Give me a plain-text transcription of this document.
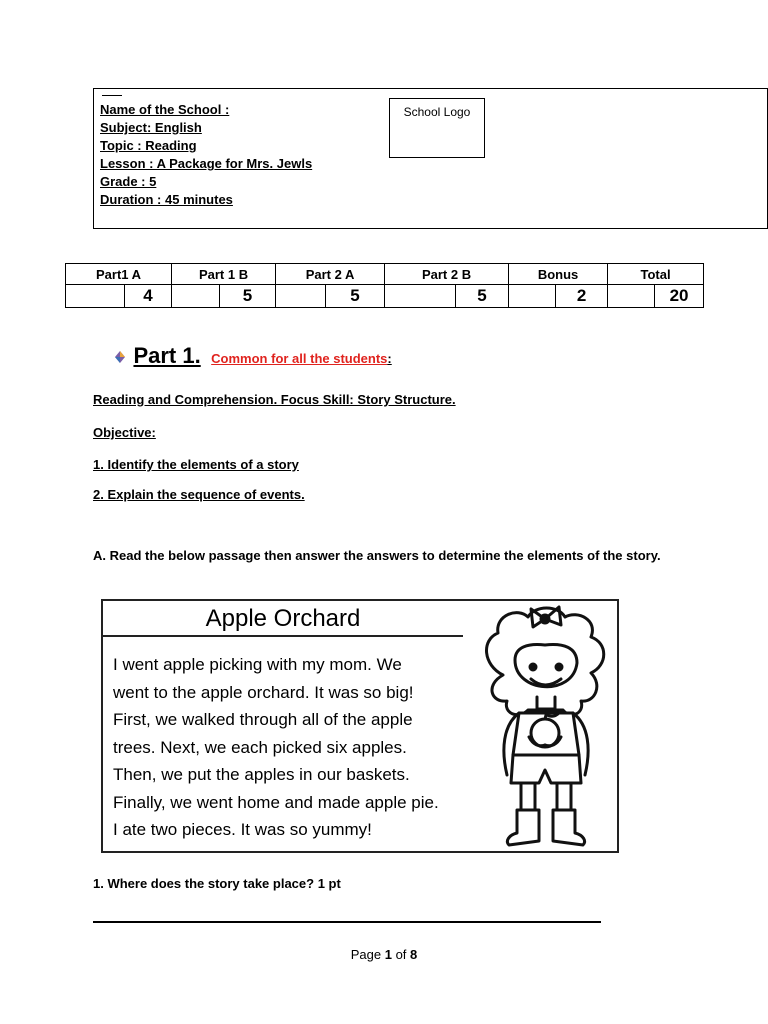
Name of the School :
Subject: English
Topic : Reading
Lesson : A Package for Mrs. Jewls
Grade : 5
Duration : 45 minutes
School Logo
Part1 A		Part 1 B		Part 2 A		Part 2 B		Bonus		Total	
	4		5		5		5		2		20
Part 1. Common for all the students:
Reading and Comprehension. Focus Skill: Story Structure.
Objective:
1. Identify the elements of a story
2. Explain the sequence of events.
A. Read the below passage then answer the answers to determine the elements of the story.
Apple Orchard
I went apple picking with my mom. We
went to the apple orchard. It was so big!
First, we walked through all of the apple
trees. Next, we each picked six apples.
Then, we put the apples in our baskets.
Finally, we went home and made apple pie.
I ate two pieces. It was so yummy!
1. Where does the story take place? 1 pt
Page 1 of 8
